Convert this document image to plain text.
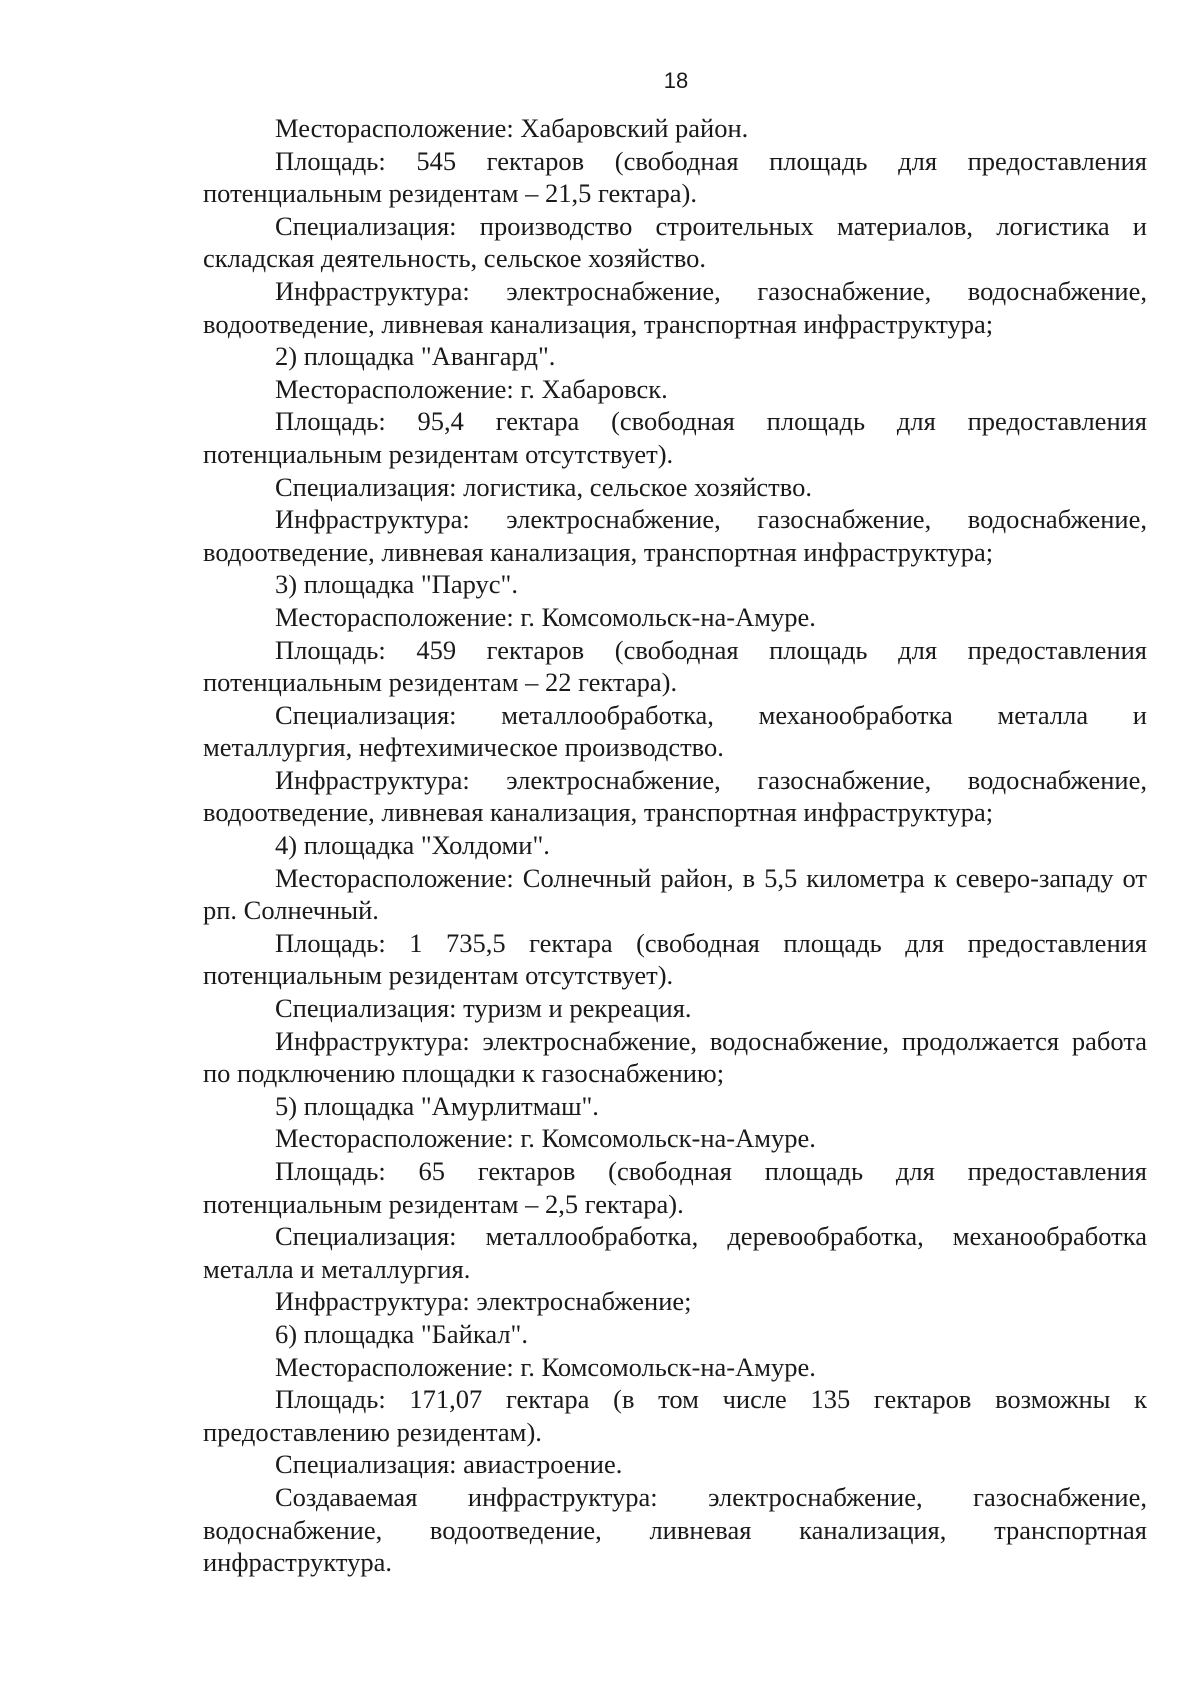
18

Месторасположение: Хабаровский район.

Площадь: 545 гектаров (свободная площадь для предоставления потенциальным резидентам – 21,5 гектара).

Специализация: производство строительных материалов, логистика и складская деятельность, сельское хозяйство.

Инфраструктура: электроснабжение, газоснабжение, водоснабжение, водоотведение, ливневая канализация, транспортная инфраструктура;

2) площадка "Авангард".

Месторасположение: г. Хабаровск.

Площадь: 95,4 гектара (свободная площадь для предоставления потенциальным резидентам отсутствует).

Специализация: логистика, сельское хозяйство.

Инфраструктура: электроснабжение, газоснабжение, водоснабжение, водоотведение, ливневая канализация, транспортная инфраструктура;

3) площадка "Парус".

Месторасположение: г. Комсомольск-на-Амуре.

Площадь: 459 гектаров (свободная площадь для предоставления потенциальным резидентам – 22 гектара).

Специализация: металлообработка, механообработка металла и металлургия, нефтехимическое производство.

Инфраструктура: электроснабжение, газоснабжение, водоснабжение, водоотведение, ливневая канализация, транспортная инфраструктура;

4) площадка "Холдоми".

Месторасположение: Солнечный район, в 5,5 километра к северо-западу от рп. Солнечный.

Площадь: 1 735,5 гектара (свободная площадь для предоставления потенциальным резидентам отсутствует).

Специализация: туризм и рекреация.

Инфраструктура: электроснабжение, водоснабжение, продолжается работа по подключению площадки к газоснабжению;

5) площадка "Амурлитмаш".

Месторасположение: г. Комсомольск-на-Амуре.

Площадь: 65 гектаров (свободная площадь для предоставления потенциальным резидентам – 2,5 гектара).

Специализация: металлообработка, деревообработка, механообработка металла и металлургия.

Инфраструктура: электроснабжение;

6) площадка "Байкал".

Месторасположение: г. Комсомольск-на-Амуре.

Площадь: 171,07 гектара (в том числе 135 гектаров возможны к предоставлению резидентам).

Специализация: авиастроение.

Создаваемая инфраструктура: электроснабжение, газоснабжение, водоснабжение, водоотведение, ливневая канализация, транспортная инфраструктура.
